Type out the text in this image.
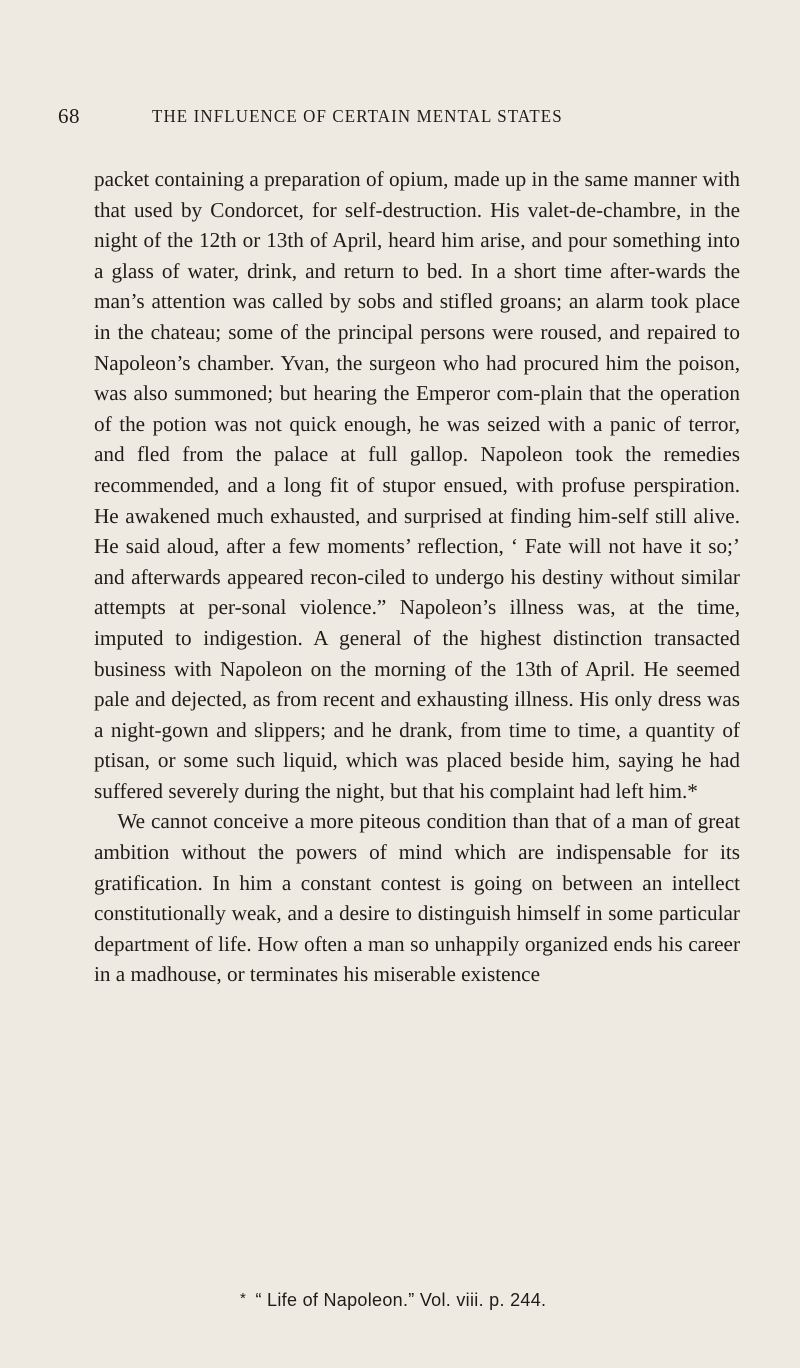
68	THE INFLUENCE OF CERTAIN MENTAL STATES

packet containing a preparation of opium, made up in the same manner with that used by Condorcet, for self-destruction. His valet-de-chambre, in the night of the 12th or 13th of April, heard him arise, and pour something into a glass of water, drink, and return to bed. In a short time after-wards the man’s attention was called by sobs and stifled groans; an alarm took place in the chateau; some of the principal persons were roused, and repaired to Napoleon’s chamber. Yvan, the surgeon who had procured him the poison, was also summoned; but hearing the Emperor com-plain that the operation of the potion was not quick enough, he was seized with a panic of terror, and fled from the palace at full gallop. Napoleon took the remedies recommended, and a long fit of stupor ensued, with profuse perspiration. He awakened much exhausted, and surprised at finding him-self still alive. He said aloud, after a few moments’ reflection, ‘ Fate will not have it so;’ and afterwards appeared recon-ciled to undergo his destiny without similar attempts at per-sonal violence.” Napoleon’s illness was, at the time, imputed to indigestion. A general of the highest distinction transacted business with Napoleon on the morning of the 13th of April. He seemed pale and dejected, as from recent and exhausting illness. His only dress was a night-gown and slippers; and he drank, from time to time, a quantity of ptisan, or some such liquid, which was placed beside him, saying he had suffered severely during the night, but that his complaint had left him.*

We cannot conceive a more piteous condition than that of a man of great ambition without the powers of mind which are indispensable for its gratification. In him a constant contest is going on between an intellect constitutionally weak, and a desire to distinguish himself in some particular department of life. How often a man so unhappily organized ends his career in a madhouse, or terminates his miserable existence

* “ Life of Napoleon.” Vol. viii. p. 244.
